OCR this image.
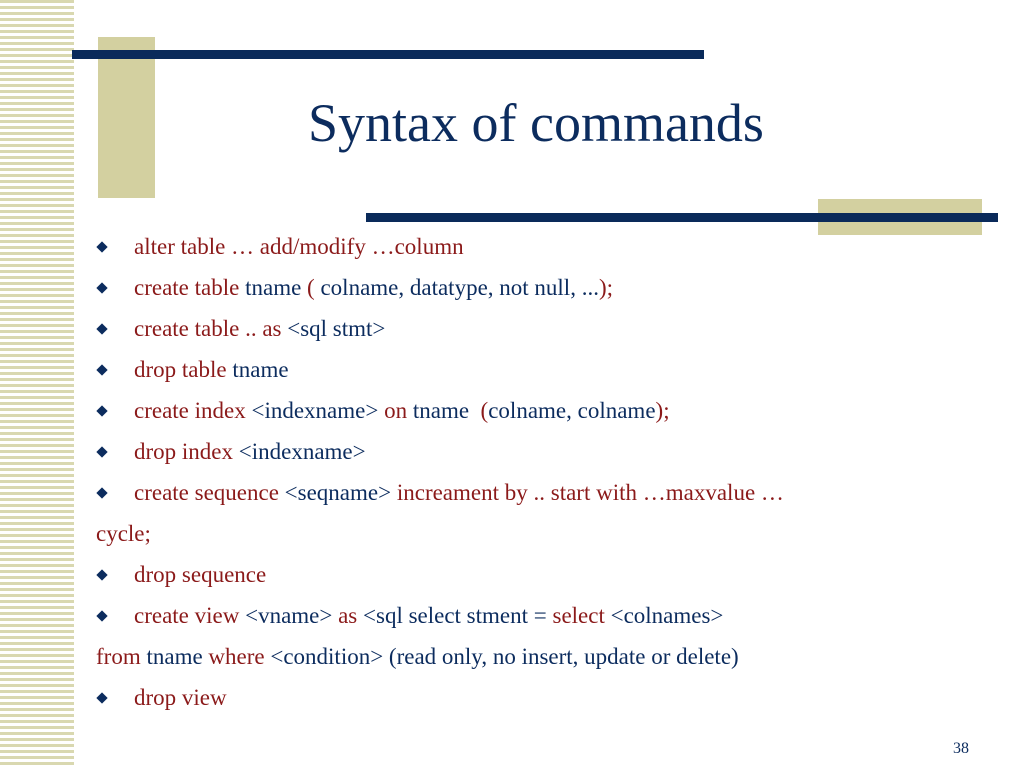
Syntax of commands
alter table … add/modify …column
create table tname ( colname, datatype, not null, ... );
create table .. as <sql stmt>
drop table tname
create index <indexname> on tname ( colname, colname );
drop index <indexname>
create sequence <seqname> increament by .. start with …maxvalue …
cycle;
drop sequence
create view <vname> as <sql select stment = select <colnames>
from tname where <condition> (read only, no insert, update or delete)
drop view
38
